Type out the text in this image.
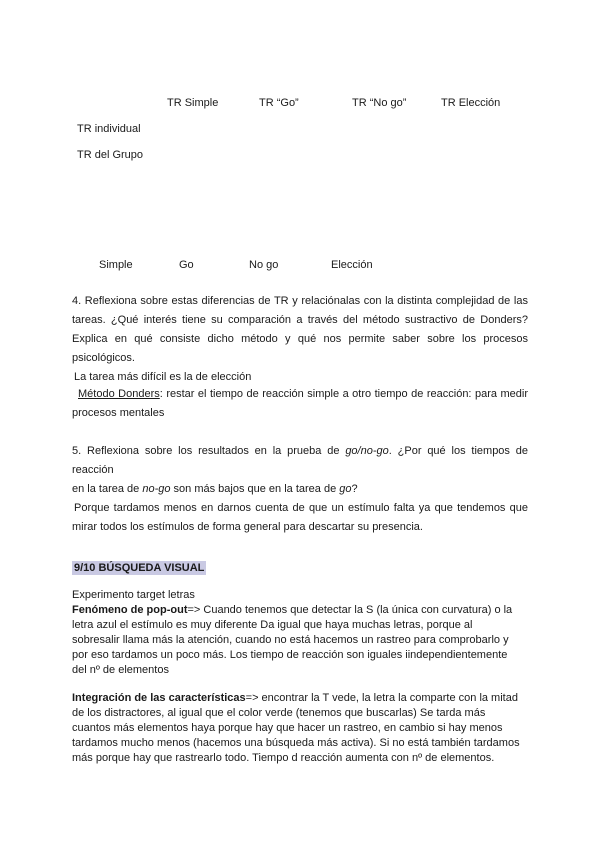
TR Simple	TR “Go”	TR “No go”	TR Elección
TR individual
TR del Grupo
Simple	Go	No go	Elección
4. Reflexiona sobre estas diferencias de TR y relaciónalas con la distinta complejidad de las
tareas. ¿Qué interés tiene su comparación a través del método sustractivo de Donders?
Explica en qué consiste dicho método y qué nos permite saber sobre los procesos
psicológicos.
La tarea más difícil es la de elección
Método Donders: restar el tiempo de reacción simple a otro tiempo de reacción: para medir
procesos mentales
5. Reflexiona sobre los resultados en la prueba de go/no-go. ¿Por qué los tiempos de reacción
en la tarea de no-go son más bajos que en la tarea de go?
Porque tardamos menos en darnos cuenta de que un estímulo falta ya que tendemos que
mirar todos los estímulos de forma general para descartar su presencia.
9/10 BÚSQUEDA VISUAL
Experimento target letras
Fenómeno de pop-out=> Cuando tenemos que detectar la S (la única con curvatura) o la
letra azul el estímulo es muy diferente Da igual que haya muchas letras, porque al
sobresalir llama más la atención, cuando no está hacemos un rastreo para comprobarlo y
por eso tardamos un poco más. Los tiempo de reacción son iguales iindependientemente
del nº de elementos
Integración de las características=> encontrar la T vede, la letra la comparte con la mitad
de los distractores, al igual que el color verde (tenemos que buscarlas) Se tarda más
cuantos más elementos haya porque hay que hacer un rastreo, en cambio si hay menos
tardamos mucho menos (hacemos una búsqueda más activa). Si no está también tardamos
más porque hay que rastrearlo todo. Tiempo d reacción aumenta con nº de elementos.
